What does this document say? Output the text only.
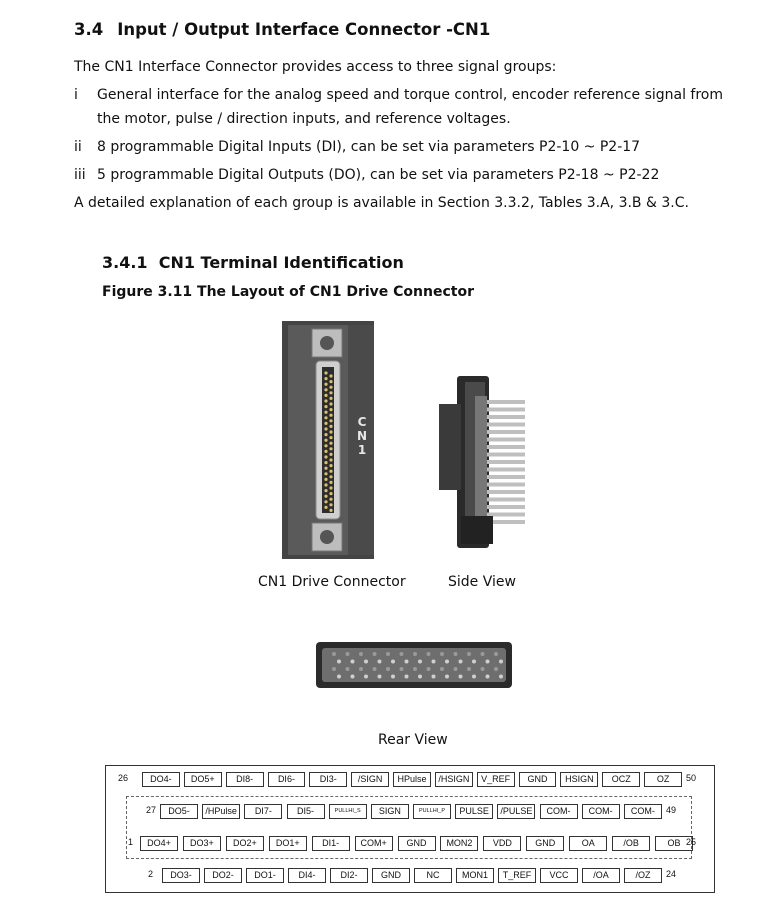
3.4 Input / Output Interface Connector -CN1
The CN1 Interface Connector provides access to three signal groups:
i General interface for the analog speed and torque control, encoder reference signal from
the motor, pulse / direction inputs, and reference voltages.
ii 8 programmable Digital Inputs (DI), can be set via parameters P2-10 ~ P2-17
iii 5 programmable Digital Outputs (DO), can be set via parameters P2-18 ~ P2-22
A detailed explanation of each group is available in Section 3.3.2, Tables 3.A, 3.B & 3.C.
3.4.1 CN1 Terminal Identification
Figure 3.11 The Layout of CN1 Drive Connector
CN1
CN1 Drive Connector	Side View
Rear View
26	DO4-	DO5+	DI8-	DI6-	DI3-	/SIGN	HPulse	/HSIGN	V_REF	GND	HSIGN	OCZ	OZ	50
27	DO5-	/HPulse	DI7-	DI5-	PULLHI_S	SIGN	PULLHI_P	PULSE	/PULSE	COM-	COM-	COM-	49
1	DO4+	DO3+	DO2+	DO1+	DI1-	COM+	GND	MON2	VDD	GND	OA	/OB	OB 25
2	DO3-	DO2-	DO1-	DI4-	DI2-	GND	NC	MON1	T_REF	VCC	/OA	/OZ	24
